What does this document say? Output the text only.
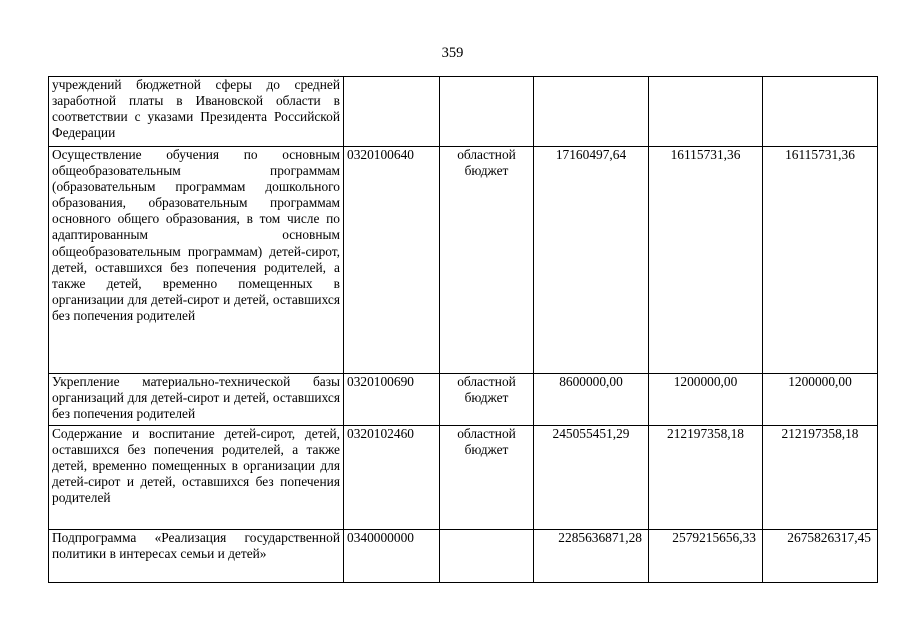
359
учреждений бюджетной сферы до средней заработной платы в Ивановской области в соответствии с указами Президента Российской Федерации					
Осуществление обучения по основным общеобразовательным программам (образовательным программам дошкольного образования, образовательным программам основного общего образования, в том числе по адаптированным основным общеобразовательным программам) детей-сирот, детей, оставшихся без попечения родителей, а также детей, временно помещенных в организации для детей-сирот и детей, оставшихся без попечения родителей	0320100640	областной бюджет	17160497,64	16115731,36	16115731,36
Укрепление материально-технической базы организаций для детей-сирот и детей, оставшихся без попечения родителей	0320100690	областной бюджет	8600000,00	1200000,00	1200000,00
Содержание и воспитание детей-сирот, детей, оставшихся без попечения родителей, а также детей, временно помещенных в организации для детей-сирот и детей, оставшихся без попечения родителей	0320102460	областной бюджет	245055451,29	212197358,18	212197358,18
Подпрограмма «Реализация государственной политики в интересах семьи и детей»	0340000000		2285636871,28	2579215656,33	2675826317,45
